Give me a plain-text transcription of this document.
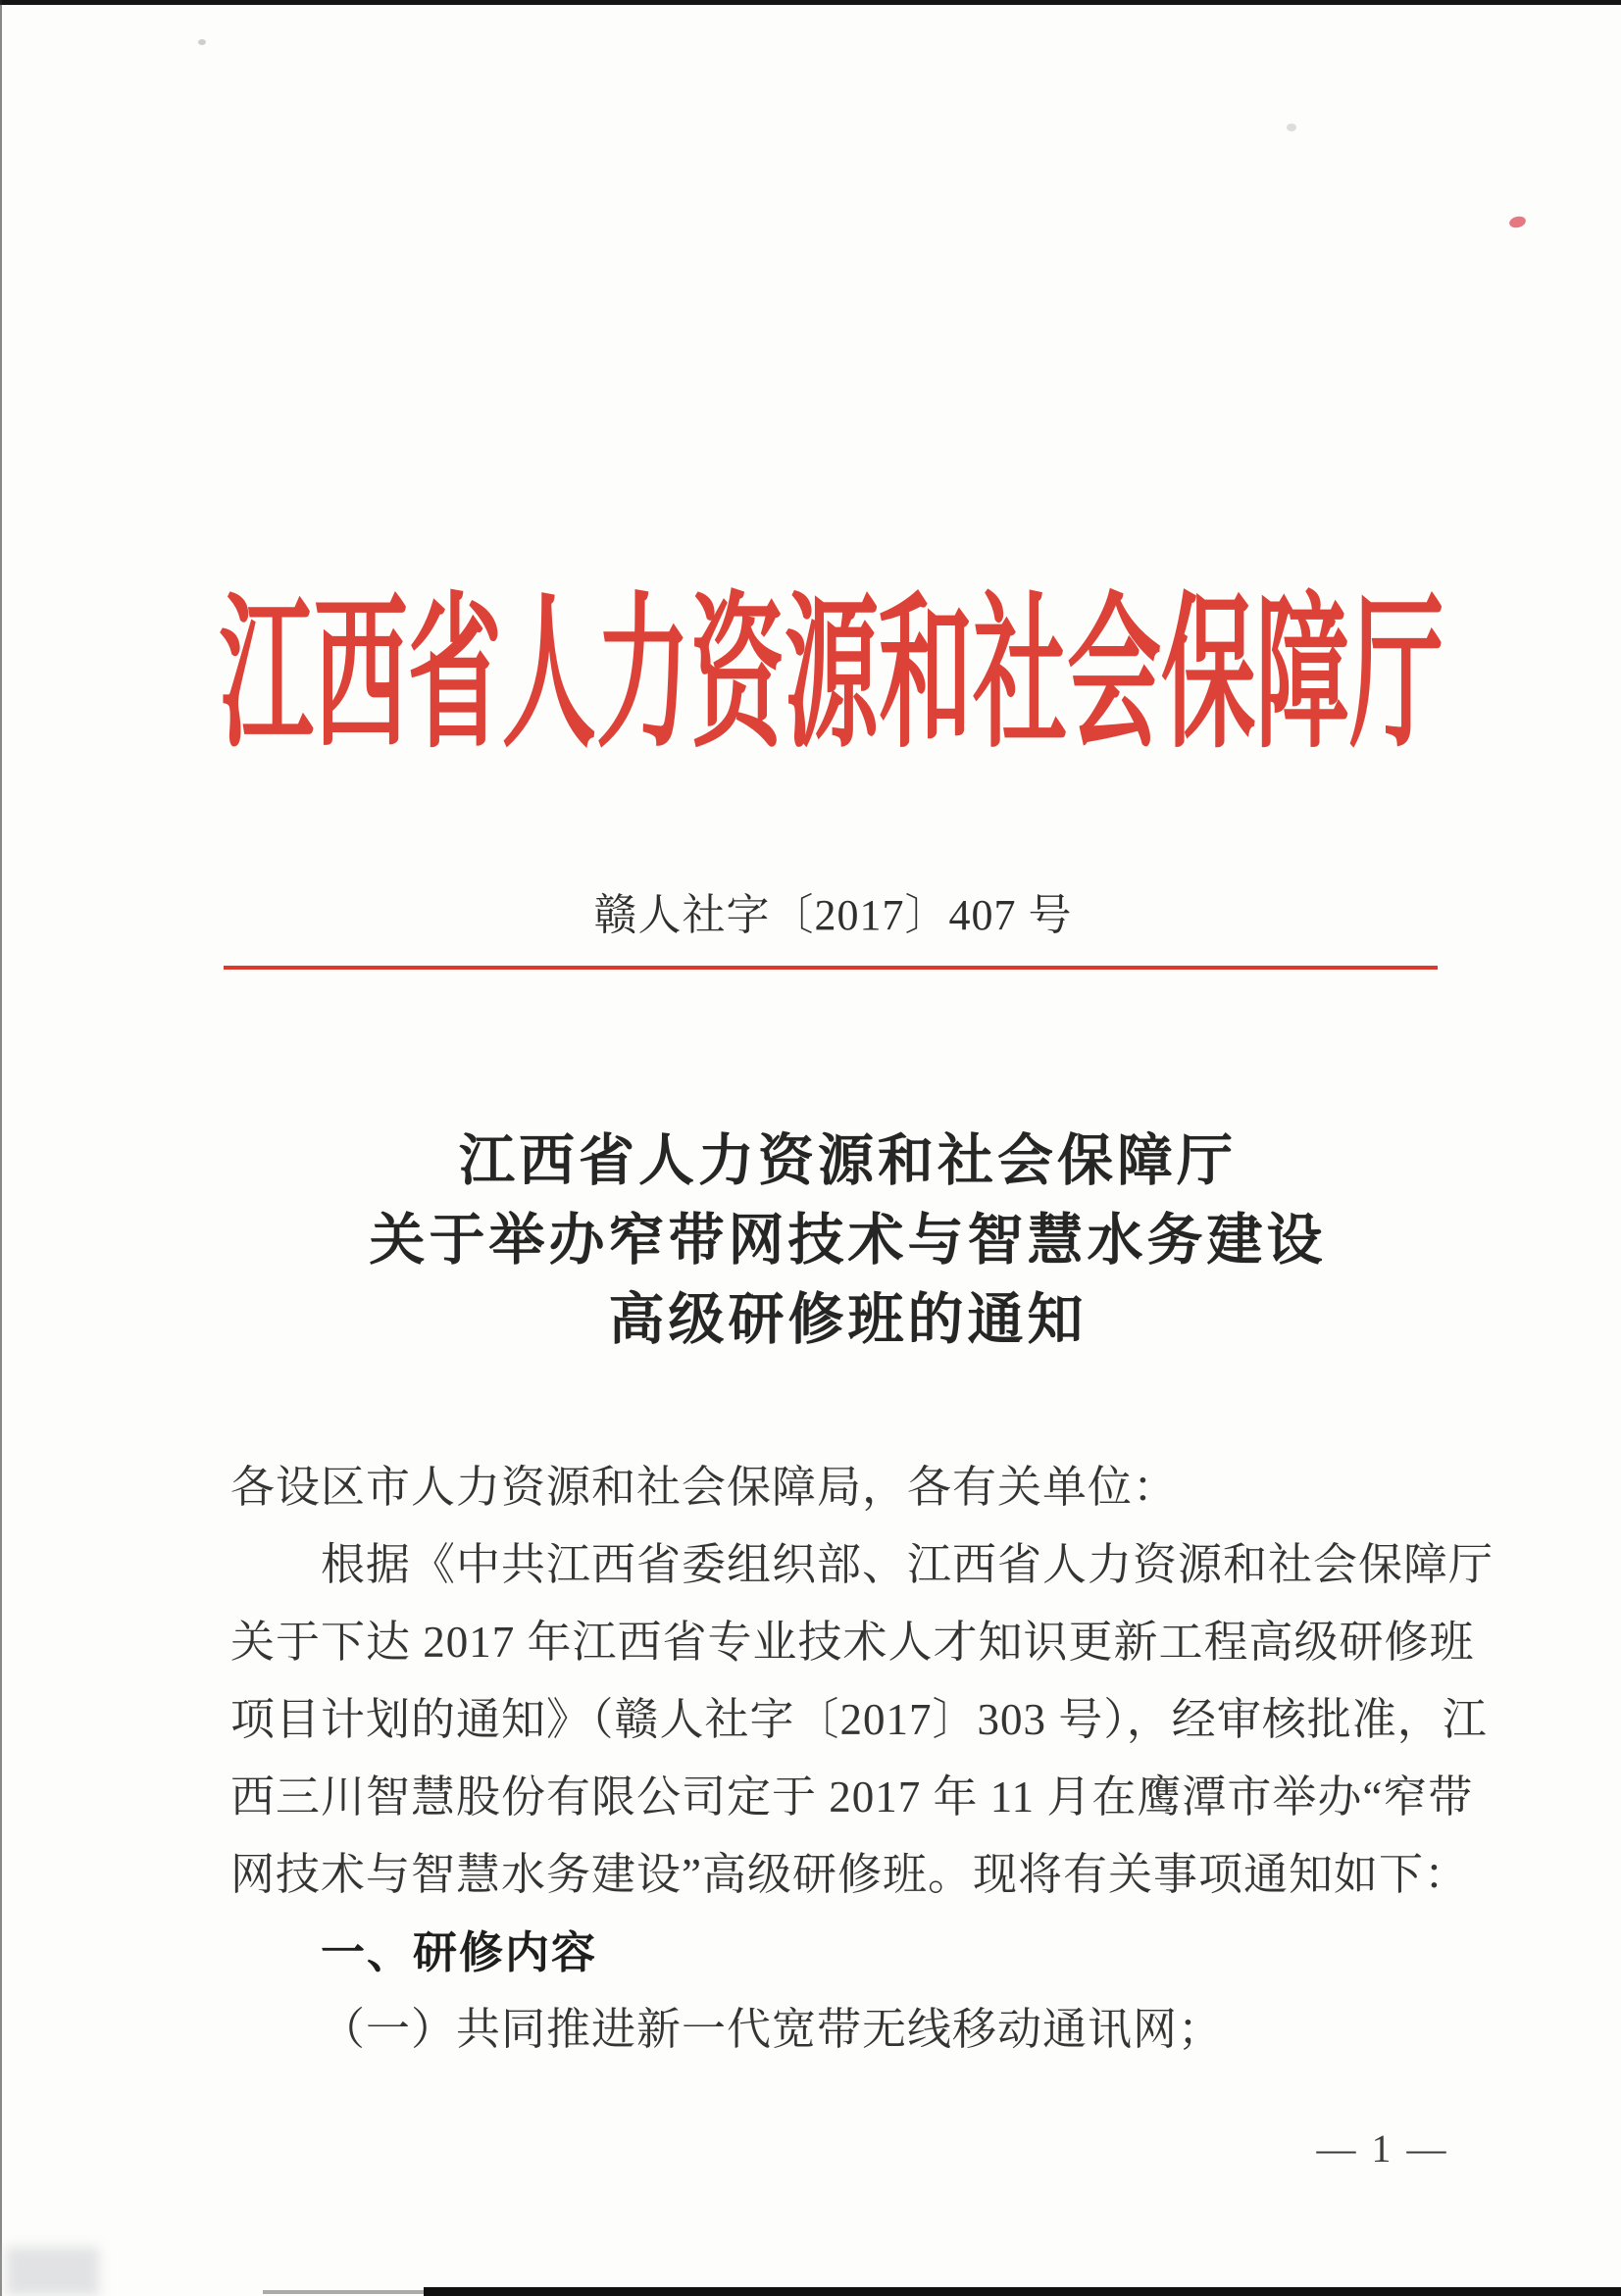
江西省人力资源和社会保障厅
赣人社字〔2017〕407 号
江西省人力资源和社会保障厅
关于举办窄带网技术与智慧水务建设
高级研修班的通知
各设区市人力资源和社会保障局，各有关单位：
根据《中共江西省委组织部、江西省人力资源和社会保障厅
关于下达 2017 年江西省专业技术人才知识更新工程高级研修班
项目计划的通知》（赣人社字〔2017〕303 号），经审核批准，江
西三川智慧股份有限公司定于 2017 年 11 月在鹰潭市举办“窄带
网技术与智慧水务建设”高级研修班。现将有关事项通知如下：
一、研修内容
（一）共同推进新一代宽带无线移动通讯网；
— 1 —
